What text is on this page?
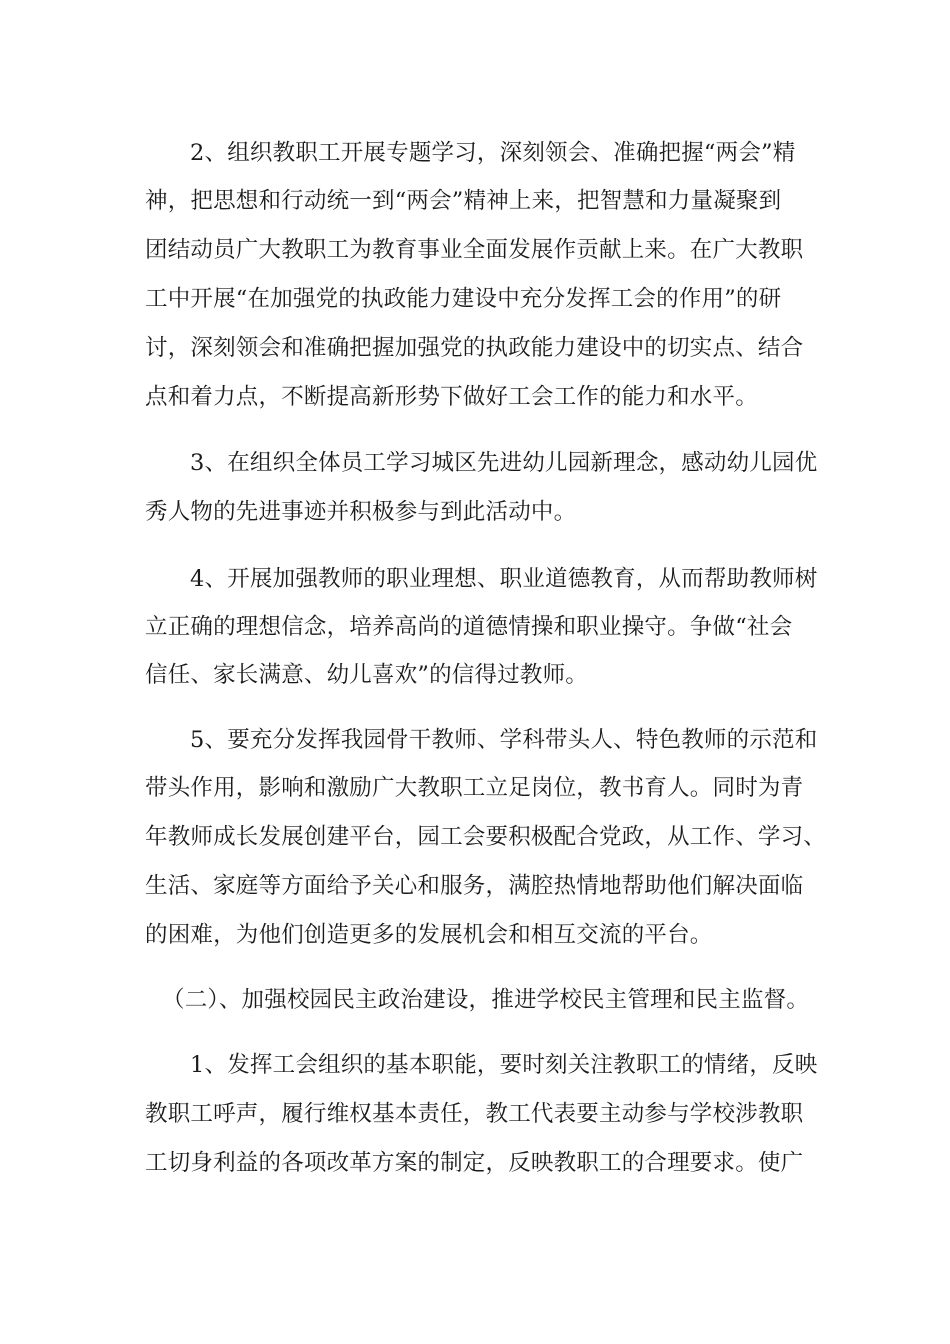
2、组织教职工开展专题学习，深刻领会、准确把握“两会”精

神，把思想和行动统一到“两会”精神上来，把智慧和力量凝聚到

团结动员广大教职工为教育事业全面发展作贡献上来。在广大教职

工中开展“在加强党的执政能力建设中充分发挥工会的作用”的研

讨，深刻领会和准确把握加强党的执政能力建设中的切实点、结合

点和着力点，不断提高新形势下做好工会工作的能力和水平。

3、在组织全体员工学习城区先进幼儿园新理念，感动幼儿园优

秀人物的先进事迹并积极参与到此活动中。

4、开展加强教师的职业理想、职业道德教育，从而帮助教师树

立正确的理想信念，培养高尚的道德情操和职业操守。争做“社会

信任、家长满意、幼儿喜欢”的信得过教师。

5、要充分发挥我园骨干教师、学科带头人、特色教师的示范和

带头作用，影响和激励广大教职工立足岗位，教书育人。同时为青

年教师成长发展创建平台，园工会要积极配合党政，从工作、学习、

生活、家庭等方面给予关心和服务，满腔热情地帮助他们解决面临

的困难，为他们创造更多的发展机会和相互交流的平台。

（二）、加强校园民主政治建设，推进学校民主管理和民主监督。

1、发挥工会组织的基本职能，要时刻关注教职工的情绪，反映

教职工呼声，履行维权基本责任，教工代表要主动参与学校涉教职

工切身利益的各项改革方案的制定，反映教职工的合理要求。使广
